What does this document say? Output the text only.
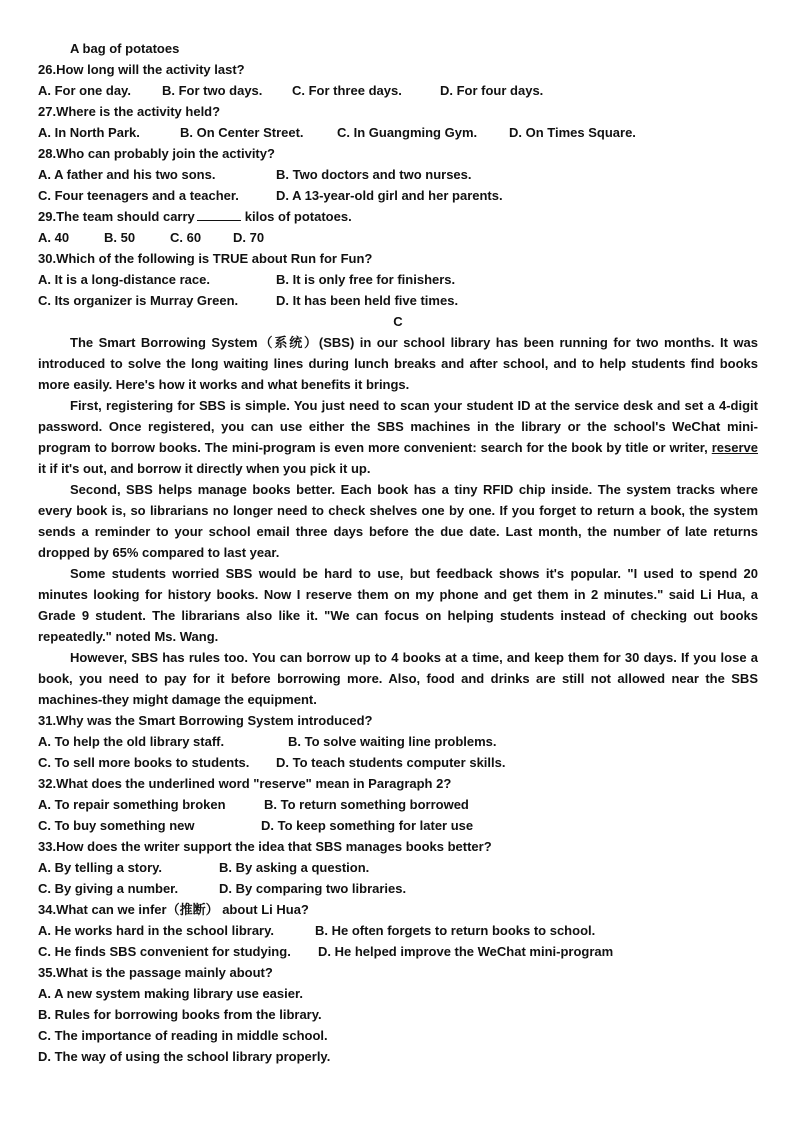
A bag of potatoes
26.How long will the activity last?
A. For one day.	B. For two days.	C. For three days.	D. For four days.
27.Where is the activity held?
A. In North Park.	B. On Center Street.	C. In Guangming Gym.	D. On Times Square.
28.Who can probably join the activity?
A. A father and his two sons.	B. Two doctors and two nurses.
C. Four teenagers and a teacher.	D. A 13-year-old girl and her parents.
29.The team should carry	kilos of potatoes.
A. 40	B. 50	C. 60	D. 70
30.Which of the following is TRUE about Run for Fun?
A. It is a long-distance race.	B. It is only free for finishers.
C. Its organizer is Murray Green.	D. It has been held five times.
C

The Smart Borrowing System（系统）(SBS) in our school library has been running for two months. It was introduced to solve the long waiting lines during lunch breaks and after school, and to help students find books more easily. Here's how it works and what benefits it brings.

First, registering for SBS is simple. You just need to scan your student ID at the service desk and set a 4-digit password. Once registered, you can use either the SBS machines in the library or the school's WeChat mini-program to borrow books. The mini-program is even more convenient: search for the book by title or writer, reserve it if it's out, and borrow it directly when you pick it up.

Second, SBS helps manage books better. Each book has a tiny RFID chip inside. The system tracks where every book is, so librarians no longer need to check shelves one by one. If you forget to return a book, the system sends a reminder to your school email three days before the due date. Last month, the number of late returns dropped by 65% compared to last year.

Some students worried SBS would be hard to use, but feedback shows it's popular. "I used to spend 20 minutes looking for history books. Now I reserve them on my phone and get them in 2 minutes." said Li Hua, a Grade 9 student. The librarians also like it. "We can focus on helping students instead of checking out books repeatedly." noted Ms. Wang.

However, SBS has rules too. You can borrow up to 4 books at a time, and keep them for 30 days. If you lose a book, you need to pay for it before borrowing more. Also, food and drinks are still not allowed near the SBS machines-they might damage the equipment.

31.Why was the Smart Borrowing System introduced?
A. To help the old library staff.	B. To solve waiting line problems.
C. To sell more books to students.	D. To teach students computer skills.
32.What does the underlined word "reserve" mean in Paragraph 2?
A. To repair something broken	B. To return something borrowed
C. To buy something new	D. To keep something for later use
33.How does the writer support the idea that SBS manages books better?
A. By telling a story.	B. By asking a question.
C. By giving a number.	D. By comparing two libraries.
34.What can we infer（推断） about Li Hua?
A. He works hard in the school library.	B. He often forgets to return books to school.
C. He finds SBS convenient for studying.	D. He helped improve the WeChat mini-program
35.What is the passage mainly about?
A. A new system making library use easier.
B. Rules for borrowing books from the library.
C. The importance of reading in middle school.
D. The way of using the school library properly.
